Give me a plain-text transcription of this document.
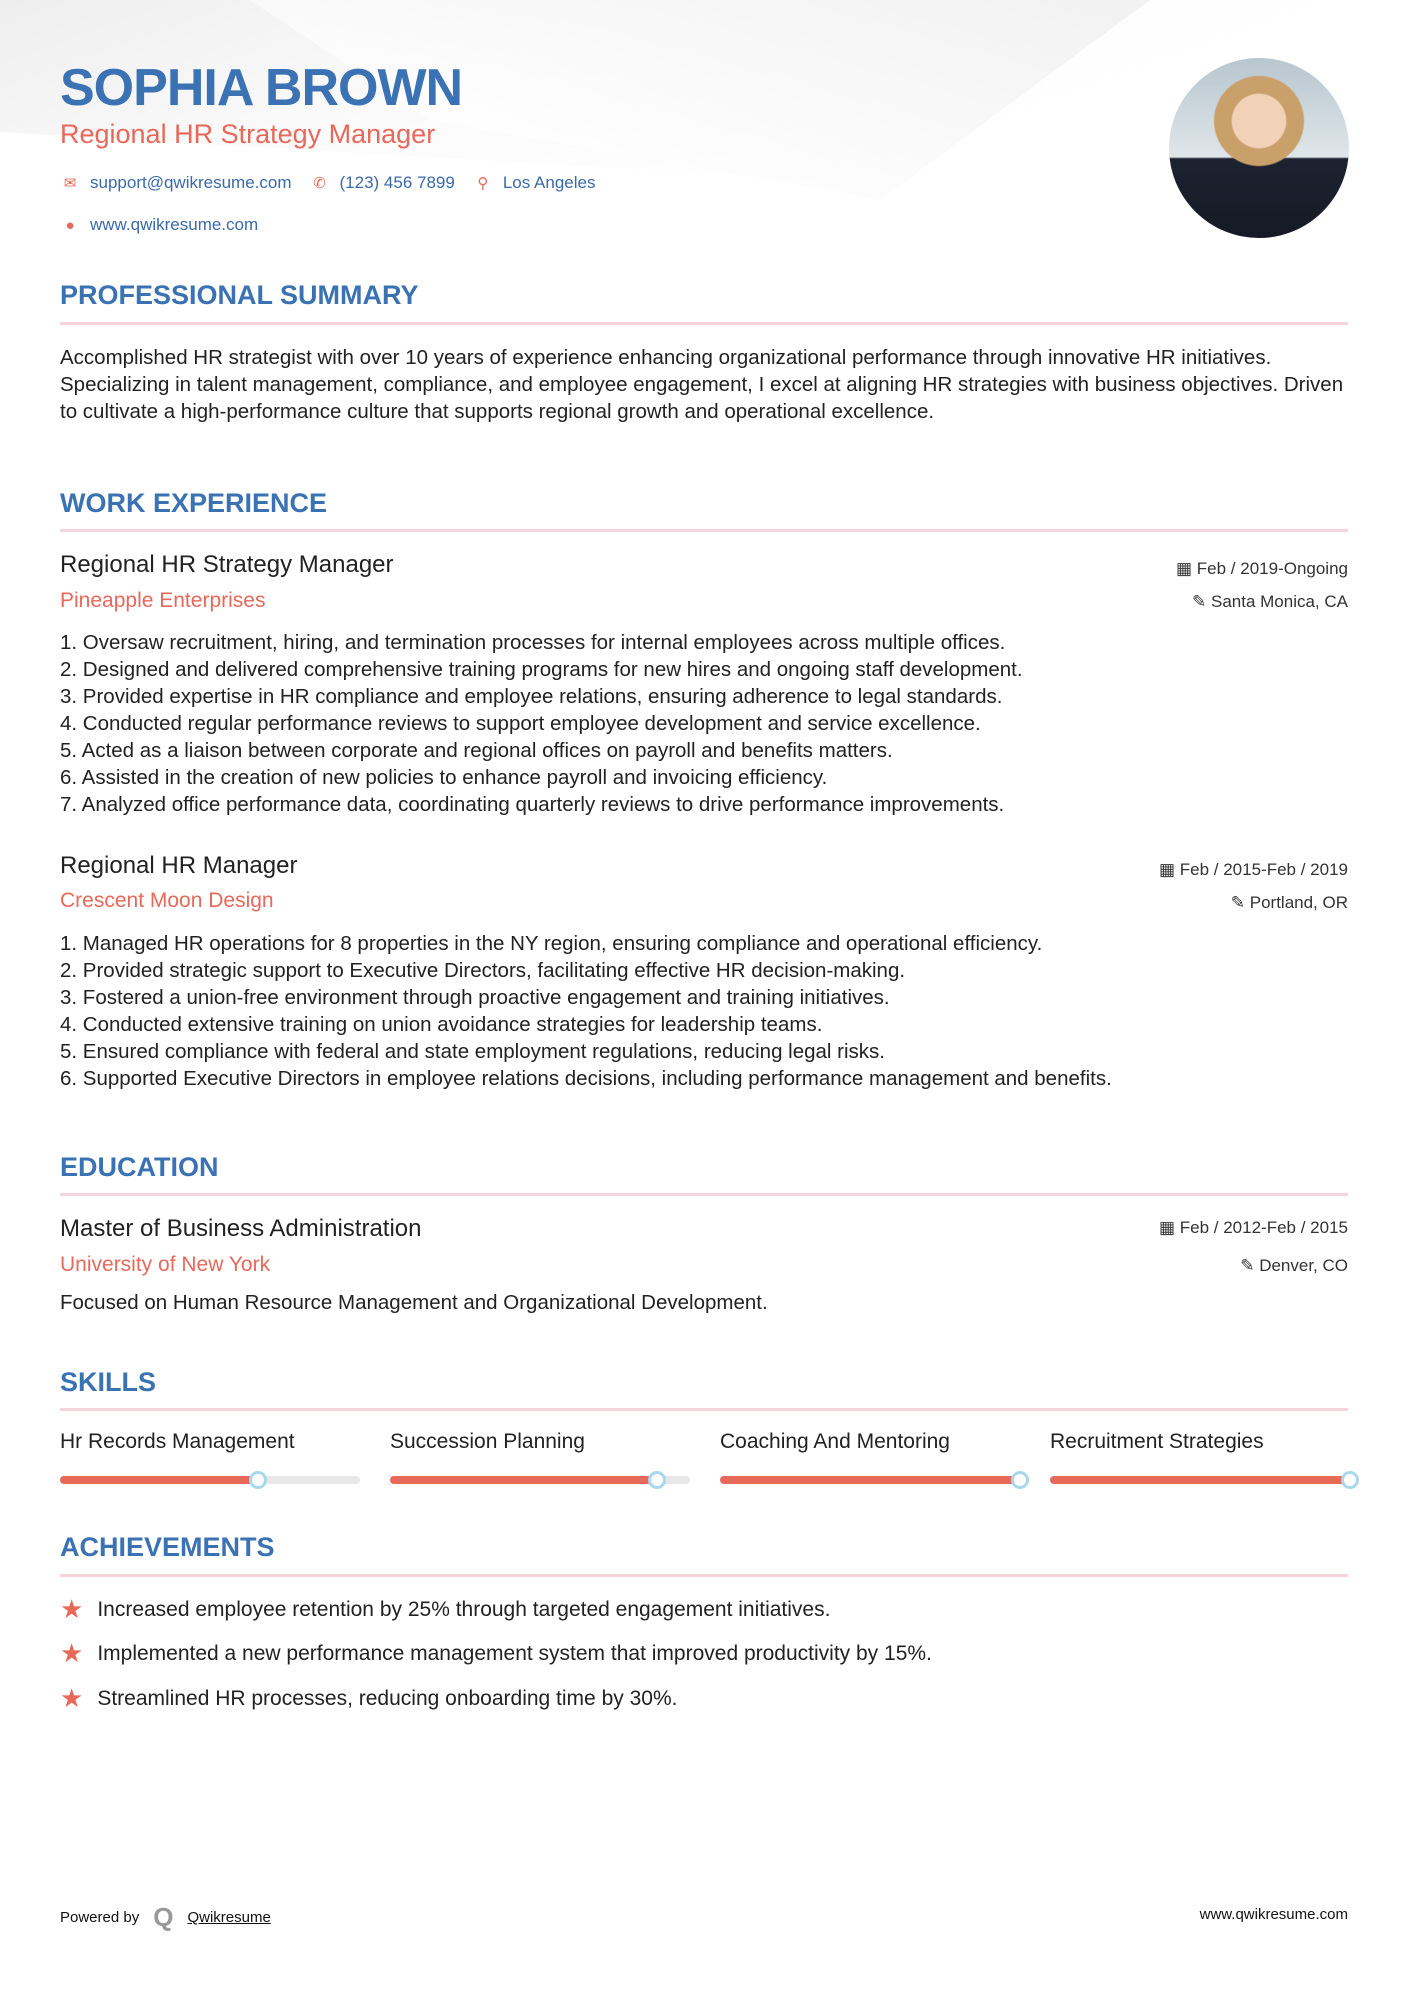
SOPHIA BROWN
Regional HR Strategy Manager
✉ support@qwikresume.com ✆ (123) 456 7899	⚲ Los Angeles
● www.qwikresume.com
PROFESSIONAL SUMMARY
Accomplished HR strategist with over 10 years of experience enhancing organizational performance through innovative HR initiatives. Specializing in talent management, compliance, and employee engagement, I excel at aligning HR strategies with business objectives. Driven to cultivate a high-performance culture that supports regional growth and operational excellence.
WORK EXPERIENCE
Regional HR Strategy Manager
Pineapple Enterprises
▦ Feb / 2019-Ongoing
✎ Santa Monica, CA
1. Oversaw recruitment, hiring, and termination processes for internal employees across multiple offices.
2. Designed and delivered comprehensive training programs for new hires and ongoing staff development.
3. Provided expertise in HR compliance and employee relations, ensuring adherence to legal standards.
4. Conducted regular performance reviews to support employee development and service excellence.
5. Acted as a liaison between corporate and regional offices on payroll and benefits matters.
6. Assisted in the creation of new policies to enhance payroll and invoicing efficiency.
7. Analyzed office performance data, coordinating quarterly reviews to drive performance improvements.
Regional HR Manager
Crescent Moon Design
▦ Feb / 2015-Feb / 2019
✎ Portland, OR
1. Managed HR operations for 8 properties in the NY region, ensuring compliance and operational efficiency.
2. Provided strategic support to Executive Directors, facilitating effective HR decision-making.
3. Fostered a union-free environment through proactive engagement and training initiatives.
4. Conducted extensive training on union avoidance strategies for leadership teams.
5. Ensured compliance with federal and state employment regulations, reducing legal risks.
6. Supported Executive Directors in employee relations decisions, including performance management and benefits.
EDUCATION
Master of Business Administration
University of New York
▦ Feb / 2012-Feb / 2015
✎ Denver, CO
Focused on Human Resource Management and Organizational Development.
SKILLS
Hr Records Management	Succession Planning	Coaching And Mentoring	Recruitment Strategies
ACHIEVEMENTS
★ Increased employee retention by 25% through targeted engagement initiatives.
★ Implemented a new performance management system that improved productivity by 15%.
★ Streamlined HR processes, reducing onboarding time by 30%.
Powered by Q Qwikresume	www.qwikresume.com
